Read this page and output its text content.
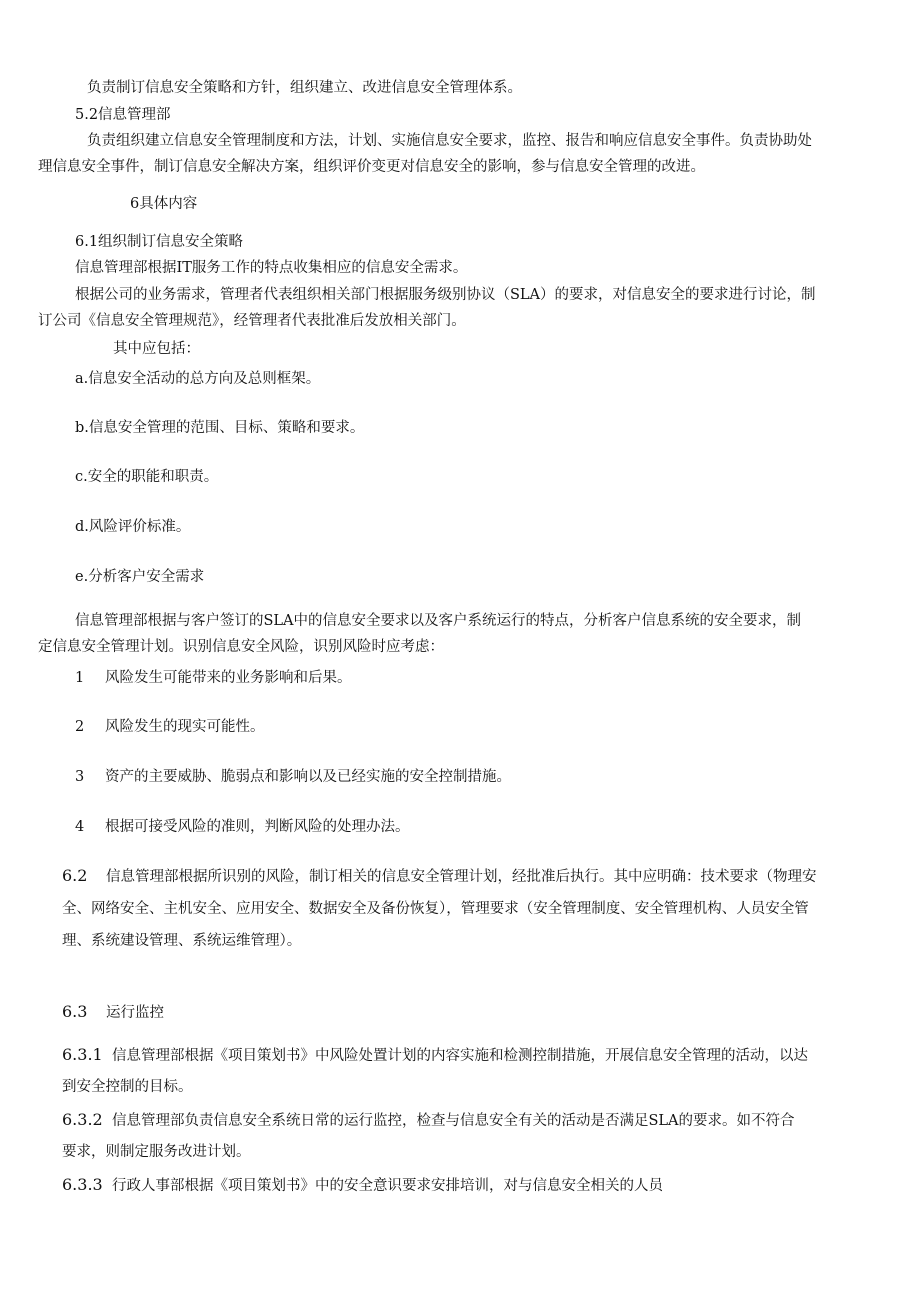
负责制订信息安全策略和方针，组织建立、改进信息安全管理体系。
5.2信息管理部
负责组织建立信息安全管理制度和方法，计划、实施信息安全要求，监控、报告和响应信息安全事件。负责协助处
理信息安全事件，制订信息安全解决方案，组织评价变更对信息安全的影响，参与信息安全管理的改进。
6具体内容
6.1组织制订信息安全策略
信息管理部根据IT服务工作的特点收集相应的信息安全需求。
根据公司的业务需求，管理者代表组织相关部门根据服务级别协议（SLA）的要求，对信息安全的要求进行讨论，制
订公司《信息安全管理规范》，经管理者代表批准后发放相关部门。
其中应包括：
a.信息安全活动的总方向及总则框架。
b.信息安全管理的范围、目标、策略和要求。
c.安全的职能和职责。
d.风险评价标准。
e.分析客户安全需求
信息管理部根据与客户签订的SLA中的信息安全要求以及客户系统运行的特点，分析客户信息系统的安全要求，制
定信息安全管理计划。识别信息安全风险，识别风险时应考虑：
1 风险发生可能带来的业务影响和后果。
2 风险发生的现实可能性。
3 资产的主要威胁、脆弱点和影响以及已经实施的安全控制措施。
4 根据可接受风险的准则，判断风险的处理办法。
6.2 信息管理部根据所识别的风险，制订相关的信息安全管理计划，经批准后执行。其中应明确：技术要求（物理安
全、网络安全、主机安全、应用安全、数据安全及备份恢复），管理要求（安全管理制度、安全管理机构、人员安全管
理、系统建设管理、系统运维管理）。
6.3 运行监控
6.3.1 信息管理部根据《项目策划书》中风险处置计划的内容实施和检测控制措施，开展信息安全管理的活动，以达
到安全控制的目标。
6.3.2 信息管理部负责信息安全系统日常的运行监控，检查与信息安全有关的活动是否满足SLA的要求。如不符合
要求，则制定服务改进计划。
6.3.3 行政人事部根据《项目策划书》中的安全意识要求安排培训，对与信息安全相关的人员
